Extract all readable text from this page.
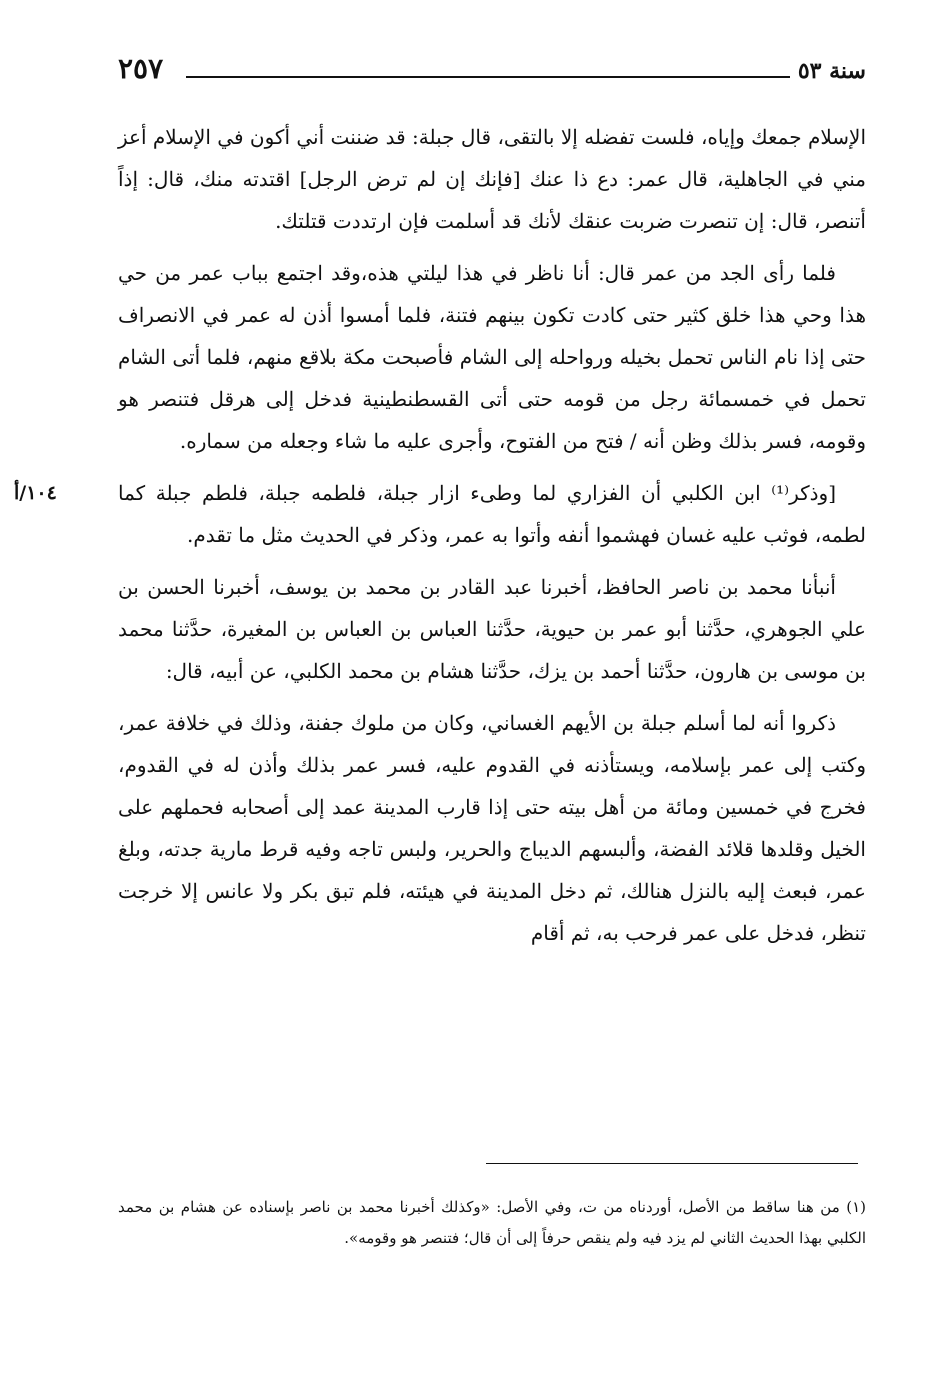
سنة ٥٣
٢٥٧
١٠٤/أ

الإسلام جمعك وإياه، فلست تفضله إلا بالتقى، قال جبلة: قد ضننت أني أكون في الإسلام أعز مني في الجاهلية، قال عمر: دع ذا عنك [فإنك إن لم ترض الرجل] اقتدته منك، قال: إذاً أتنصر، قال: إن تنصرت ضربت عنقك لأنك قد أسلمت فإن ارتددت قتلتك.

فلما رأى الجد من عمر قال: أنا ناظر في هذا ليلتي هذه،وقد اجتمع بباب عمر من حي هذا وحي هذا خلق كثير حتى كادت تكون بينهم فتنة، فلما أمسوا أذن له عمر في الانصراف حتى إذا نام الناس تحمل بخيله ورواحله إلى الشام فأصبحت مكة بلاقع منهم، فلما أتى الشام تحمل في خمسمائة رجل من قومه حتى أتى القسطنطينية فدخل إلى هرقل فتنصر هو وقومه، فسر بذلك وظن أنه / فتح من الفتوح، وأجرى عليه ما شاء وجعله من سماره.

[وذكر⁽¹⁾ ابن الكلبي أن الفزاري لما وطىء ازار جبلة، فلطمه جبلة، فلطم جبلة كما لطمه، فوثب عليه غسان فهشموا أنفه وأتوا به عمر، وذكر في الحديث مثل ما تقدم.

أنبأنا محمد بن ناصر الحافظ، أخبرنا عبد القادر بن محمد بن يوسف، أخبرنا الحسن بن علي الجوهري، حدَّثنا أبو عمر بن حيوية، حدَّثنا العباس بن العباس بن المغيرة، حدَّثنا محمد بن موسى بن هارون، حدَّثنا أحمد بن يزك، حدَّثنا هشام بن محمد الكلبي، عن أبيه، قال:

ذكروا أنه لما أسلم جبلة بن الأيهم الغساني، وكان من ملوك جفنة، وذلك في خلافة عمر، وكتب إلى عمر بإسلامه، ويستأذنه في القدوم عليه، فسر عمر بذلك وأذن له في القدوم، فخرج في خمسين ومائة من أهل بيته حتى إذا قارب المدينة عمد إلى أصحابه فحملهم على الخيل وقلدها قلائد الفضة، وألبسهم الديباج والحرير، ولبس تاجه وفيه قرط مارية جدته، وبلغ عمر، فبعث إليه بالنزل هنالك، ثم دخل المدينة في هيئته، فلم تبق بكر ولا عانس إلا خرجت تنظر، فدخل على عمر فرحب به، ثم أقام

(١) من هنا ساقط من الأصل، أوردناه من ت، وفي الأصل: «وكذلك أخبرنا محمد بن ناصر بإسناده عن هشام بن محمد الكلبي بهذا الحديث الثاني لم يزد فيه ولم ينقص حرفاً إلى أن قال؛ فتنصر هو وقومه».
